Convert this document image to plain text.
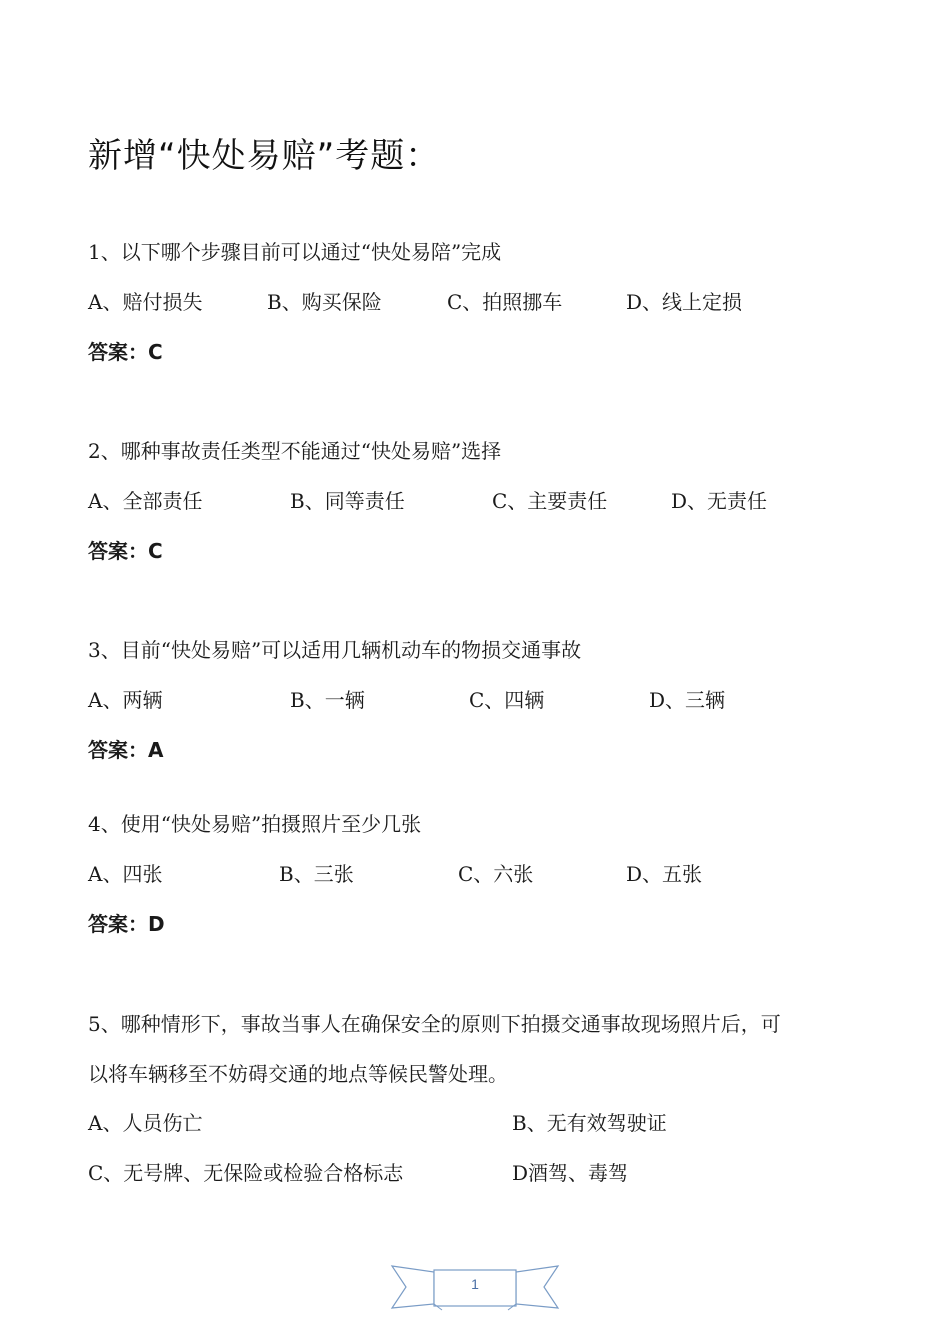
新增“快处易赔”考题：
1、以下哪个步骤目前可以通过“快处易陪”完成
A、赔付损失	B、购买保险	C、拍照挪车	D、线上定损
答案：C
2、哪种事故责任类型不能通过“快处易赔”选择
A、全部责任	B、同等责任	C、主要责任	D、无责任
答案：C
3、目前“快处易赔”可以适用几辆机动车的物损交通事故
A、两辆	B、一辆	C、四辆	D、三辆
答案：A
4、使用“快处易赔”拍摄照片至少几张
A、四张	B、三张	C、六张	D、五张
答案：D
5、哪种情形下，事故当事人在确保安全的原则下拍摄交通事故现场照片后，可
以将车辆移至不妨碍交通的地点等候民警处理。
A、人员伤亡	B、无有效驾驶证
C、无号牌、无保险或检验合格标志	D酒驾、毒驾
1
